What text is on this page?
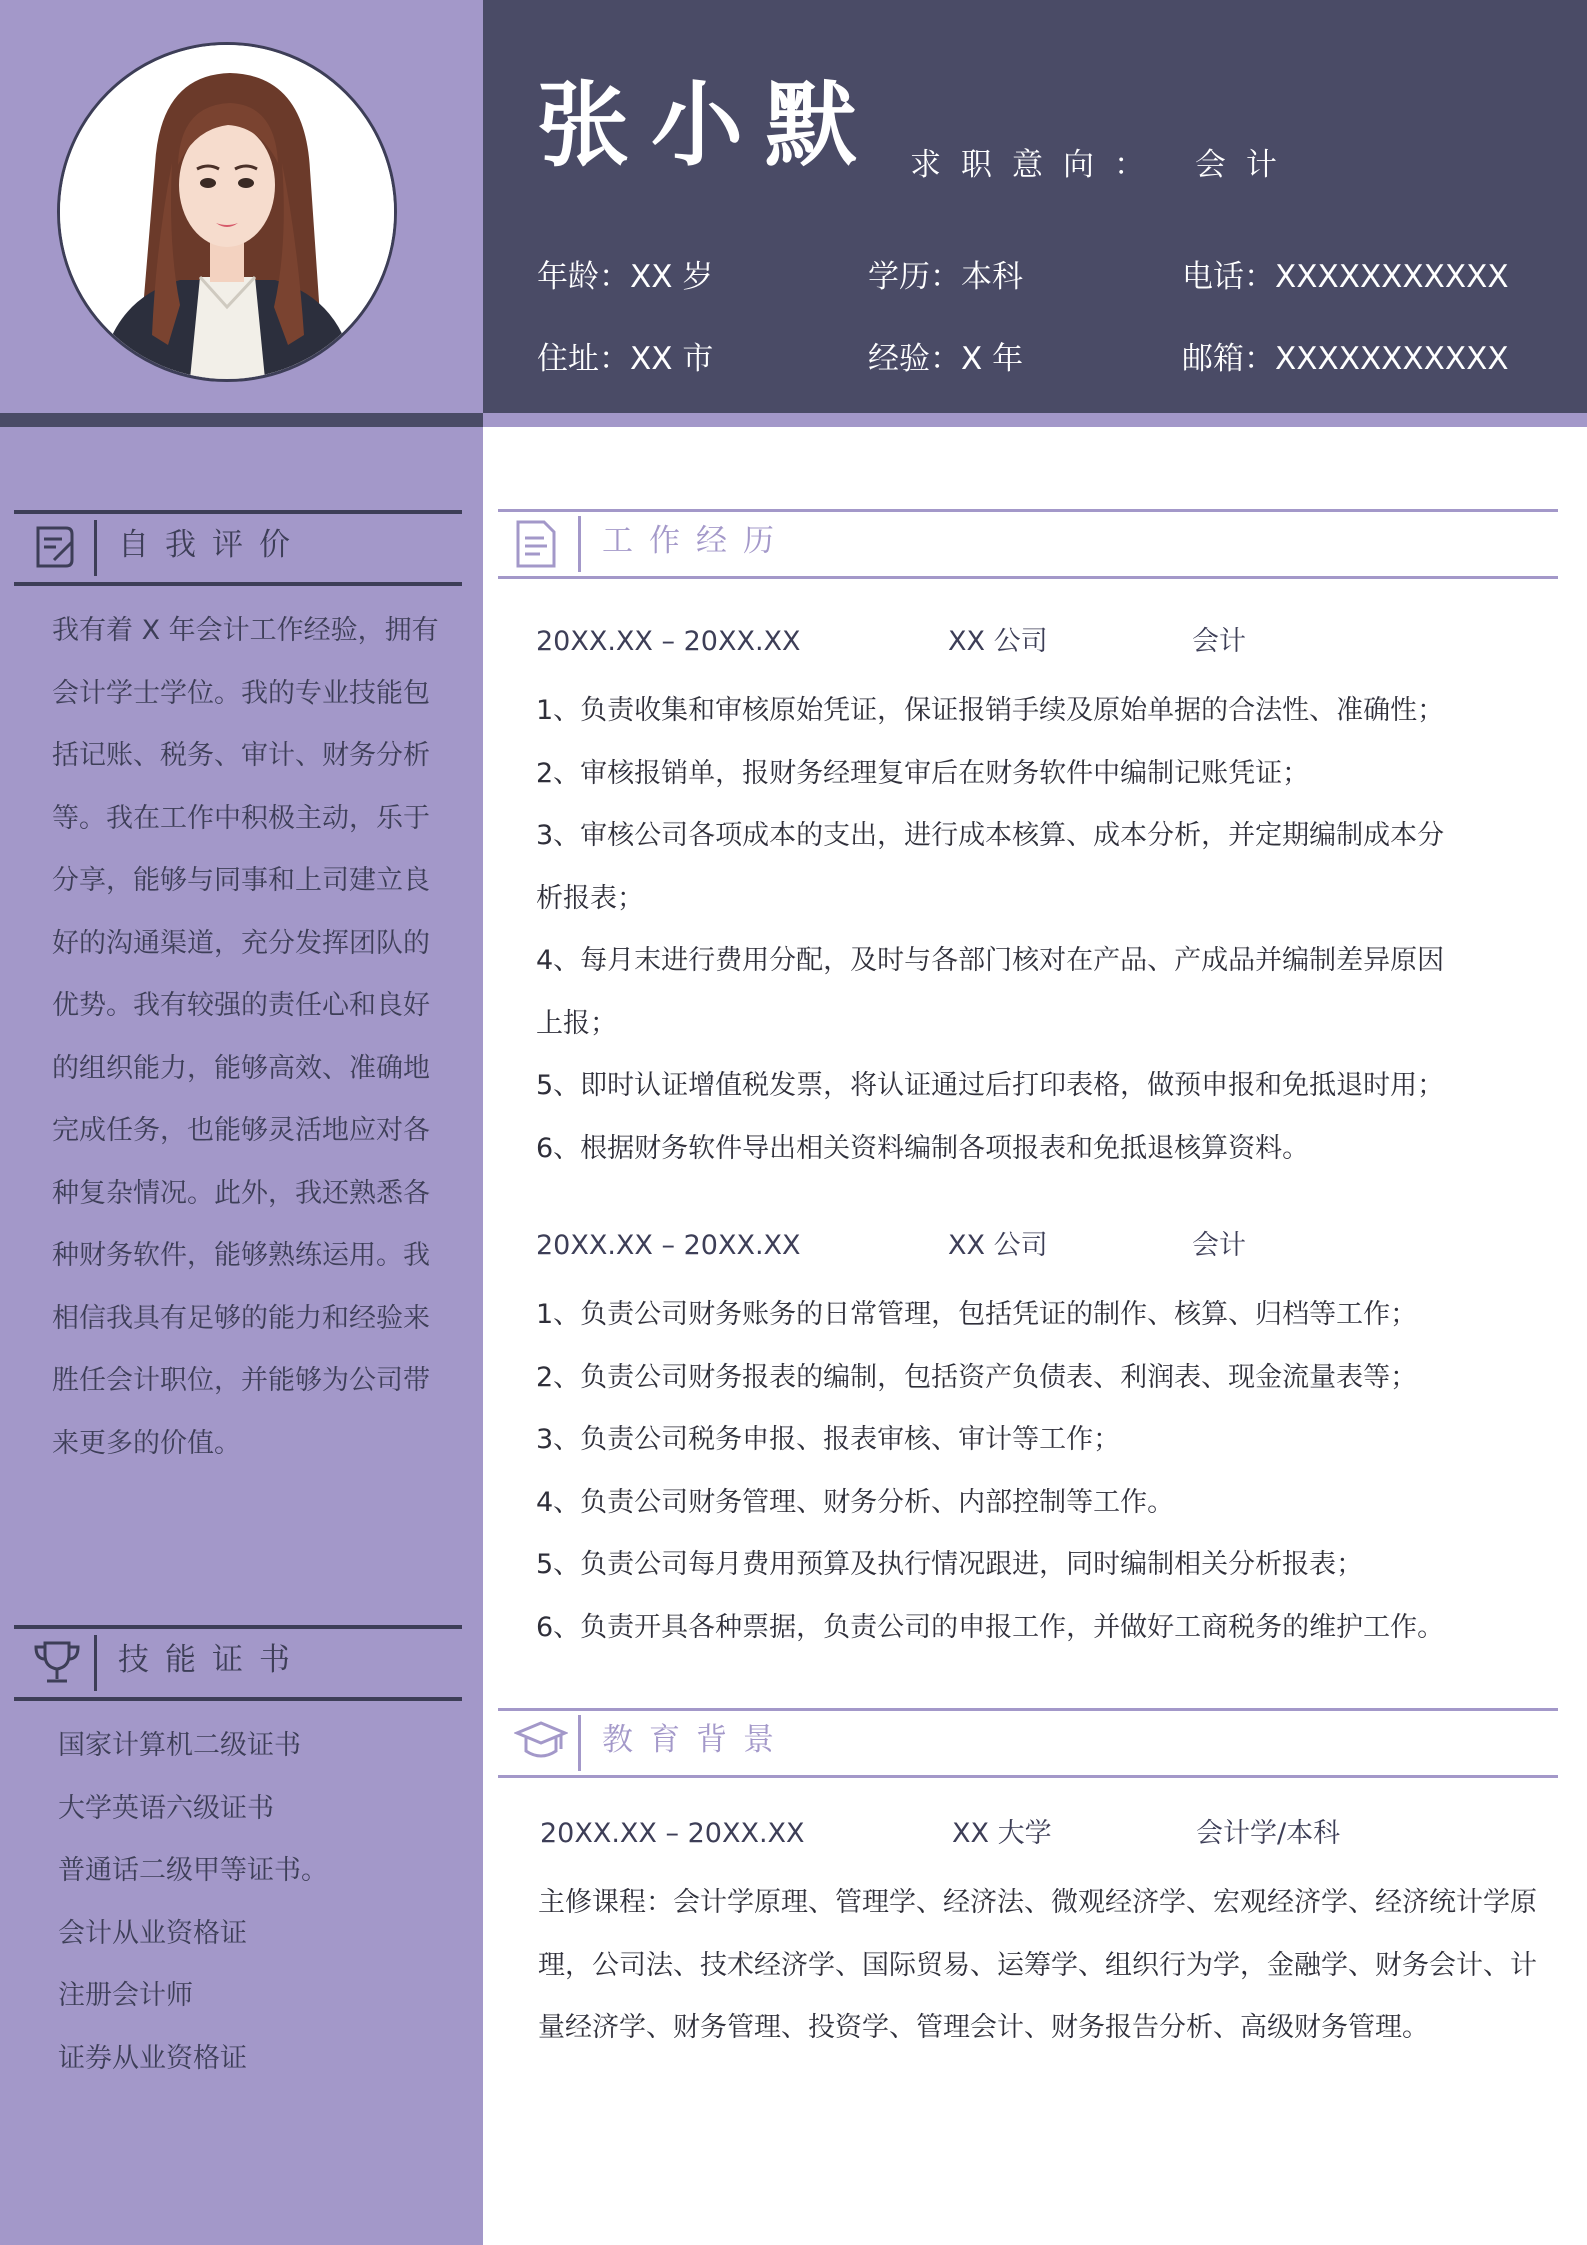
张小默 求职意向： 会计
年龄：XX 岁	学历：本科	电话：XXXXXXXXXXX
住址：XX 市	经验：X 年	邮箱：XXXXXXXXXXX
自我评价

我有着 X 年会计工作经验，拥有会计学士学位。我的专业技能包括记账、税务、审计、财务分析等。我在工作中积极主动，乐于分享，能够与同事和上司建立良好的沟通渠道，充分发挥团队的优势。我有较强的责任心和良好的组织能力，能够高效、准确地完成任务，也能够灵活地应对各种复杂情况。此外，我还熟悉各种财务软件，能够熟练运用。我相信我具有足够的能力和经验来胜任会计职位，并能够为公司带来更多的价值。

技能证书
国家计算机二级证书
大学英语六级证书
普通话二级甲等证书。
会计从业资格证
注册会计师
证券从业资格证
工作经历
20XX.XX – 20XX.XX	XX 公司	会计
1、负责收集和审核原始凭证，保证报销手续及原始单据的合法性、准确性；
2、审核报销单，报财务经理复审后在财务软件中编制记账凭证；
3、审核公司各项成本的支出，进行成本核算、成本分析，并定期编制成本分
析报表；
4、每月末进行费用分配，及时与各部门核对在产品、产成品并编制差异原因
上报；
5、即时认证增值税发票，将认证通过后打印表格，做预申报和免抵退时用；
6、根据财务软件导出相关资料编制各项报表和免抵退核算资料。
20XX.XX – 20XX.XX	XX 公司	会计
1、负责公司财务账务的日常管理，包括凭证的制作、核算、归档等工作；
2、负责公司财务报表的编制，包括资产负债表、利润表、现金流量表等；
3、负责公司税务申报、报表审核、审计等工作；
4、负责公司财务管理、财务分析、内部控制等工作。
5、负责公司每月费用预算及执行情况跟进，同时编制相关分析报表；
6、负责开具各种票据，负责公司的申报工作，并做好工商税务的维护工作。
教育背景
20XX.XX – 20XX.XX	XX 大学	会计学/本科

主修课程：会计学原理、管理学、经济法、微观经济学、宏观经济学、经济统计学原理，公司法、技术经济学、国际贸易、运筹学、组织行为学，金融学、财务会计、计量经济学、财务管理、投资学、管理会计、财务报告分析、高级财务管理。
